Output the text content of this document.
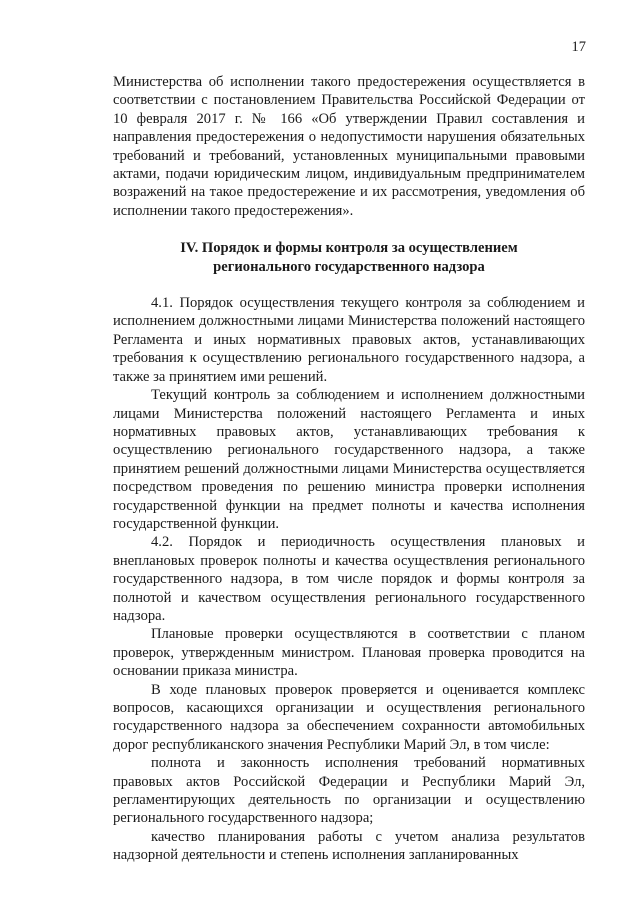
17

Министерства об исполнении такого предостережения осуществляется в соответствии с постановлением Правительства Российской Федерации от 10 февраля 2017 г. № 166 «Об утверждении Правил составления и направления предостережения о недопустимости нарушения обязательных требований и требований, установленных муниципальными правовыми актами, подачи юридическим лицом, индивидуальным предпринимателем возражений на такое предостережение и их рассмотрения, уведомления об исполнении такого предостережения».

IV. Порядок и формы контроля за осуществлением
регионального государственного надзора

4.1. Порядок осуществления текущего контроля за соблюдением и исполнением должностными лицами Министерства положений настоящего Регламента и иных нормативных правовых актов, устанавливающих требования к осуществлению регионального государственного надзора, а также за принятием ими решений.

Текущий контроль за соблюдением и исполнением должностными лицами Министерства положений настоящего Регламента и иных нормативных правовых актов, устанавливающих требования к осуществлению регионального государственного надзора, а также принятием решений должностными лицами Министерства осуществляется посредством проведения по решению министра проверки исполнения государственной функции на предмет полноты и качества исполнения государственной функции.

4.2. Порядок и периодичность осуществления плановых и внеплановых проверок полноты и качества осуществления регионального государственного надзора, в том числе порядок и формы контроля за полнотой и качеством осуществления регионального государственного надзора.

Плановые проверки осуществляются в соответствии с планом проверок, утвержденным министром. Плановая проверка проводится на основании приказа министра.

В ходе плановых проверок проверяется и оценивается комплекс вопросов, касающихся организации и осуществления регионального государственного надзора за обеспечением сохранности автомобильных дорог республиканского значения Республики Марий Эл, в том числе:

полнота и законность исполнения требований нормативных правовых актов Российской Федерации и Республики Марий Эл, регламентирующих деятельность по организации и осуществлению регионального государственного надзора;

качество планирования работы с учетом анализа результатов надзорной деятельности и степень исполнения запланированных
